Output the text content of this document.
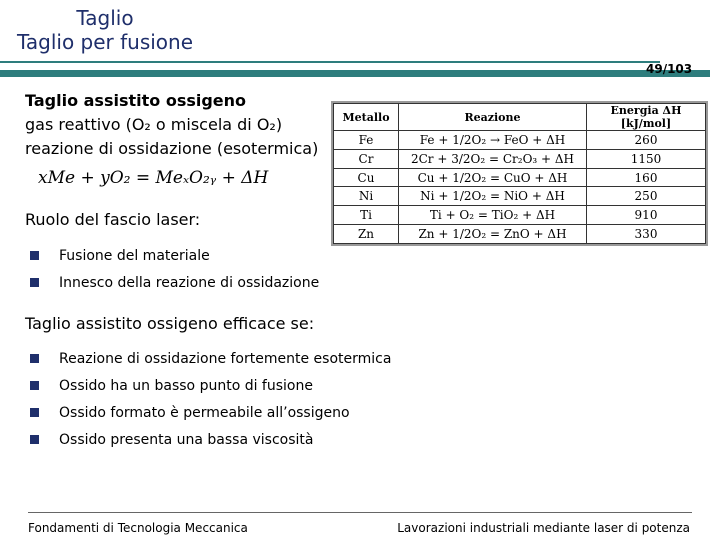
Taglio
Taglio per fusione
49/103
Taglio assistito ossigeno
gas reattivo (O₂ o miscela di O₂)
reazione di ossidazione (esotermica)
xMe + yO₂ = MeₓO₂ᵧ + ΔH
Ruolo del fascio laser:
Fusione del materiale
Innesco della reazione di ossidazione
Taglio assistito ossigeno efficace se:
Reazione di ossidazione fortemente esotermica
Ossido ha un basso punto di fusione
Ossido formato è permeabile all’ossigeno
Ossido presenta una bassa viscosità
Metallo	Reazione	Energia ΔH [kJ/mol]
Fe	Fe + 1/2O₂ → FeO + ΔH	260
Cr	2Cr + 3/2O₂ = Cr₂O₃ + ΔH	1150
Cu	Cu + 1/2O₂ = CuO + ΔH	160
Ni	Ni + 1/2O₂ = NiO + ΔH	250
Ti	Ti + O₂ = TiO₂ + ΔH	910
Zn	Zn + 1/2O₂ = ZnO + ΔH	330
Fondamenti di Tecnologia Meccanica	Lavorazioni industriali mediante laser di potenza
